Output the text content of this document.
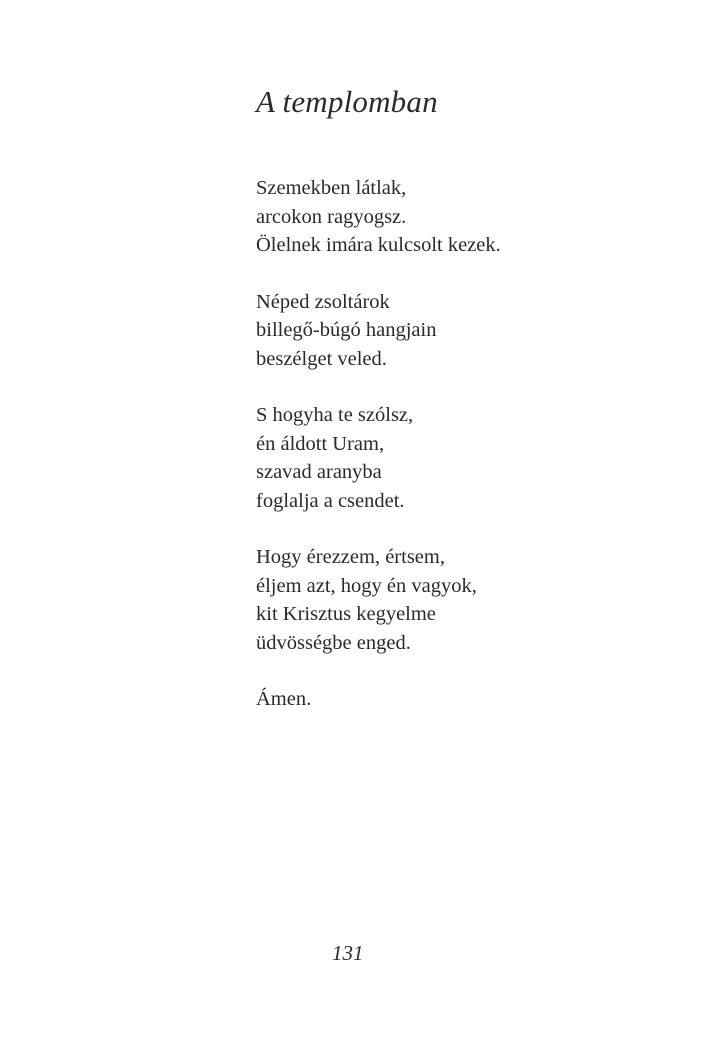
A templomban
Szemekben látlak,
arcokon ragyogsz.
Ölelnek imára kulcsolt kezek.
Néped zsoltárok
billegő-búgó hangjain
beszélget veled.
S hogyha te szólsz,
én áldott Uram,
szavad aranyba
foglalja a csendet.
Hogy érezzem, értsem,
éljem azt, hogy én vagyok,
kit Krisztus kegyelme
üdvösségbe enged.
Ámen.
131
